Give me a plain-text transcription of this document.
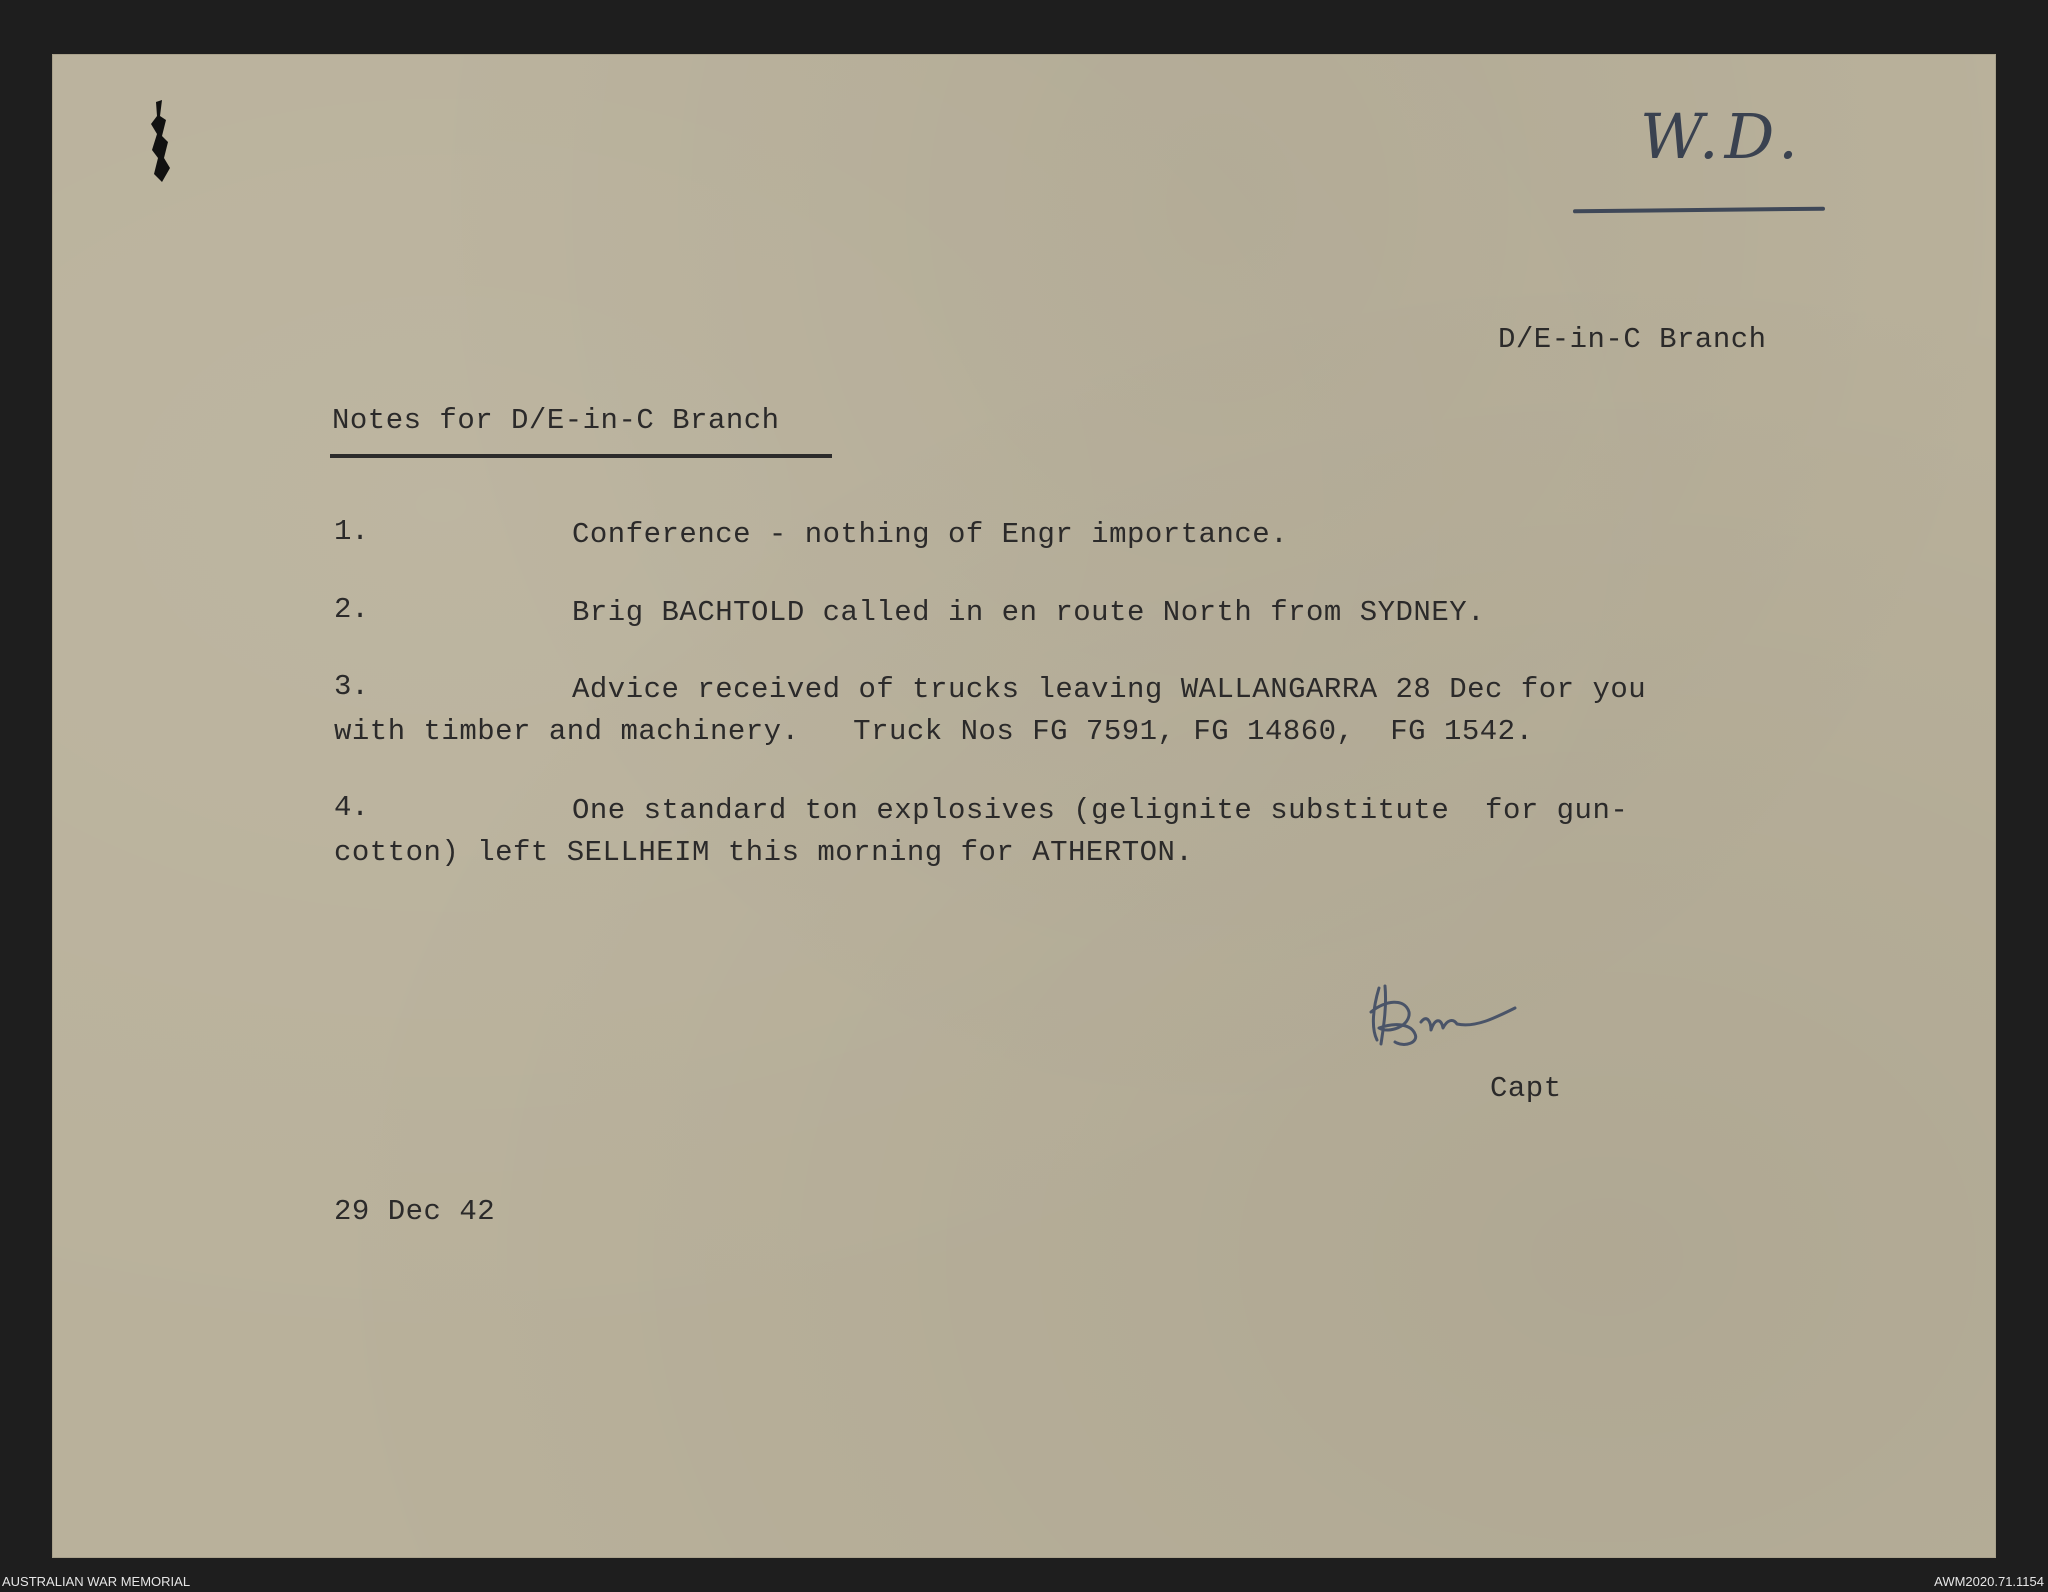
W.D.
D/E-in-C Branch
Notes for D/E-in-C Branch
1.	Conference - nothing of Engr importance.
2.	Brig BACHTOLD called in en route North from SYDNEY.
3.	Advice received of trucks leaving WALLANGARRA 28 Dec for you
with timber and machinery.   Truck Nos FG 7591, FG 14860,  FG 1542.
4.	One standard ton explosives (gelignite substitute  for gun-
cotton) left SELLHEIM this morning for ATHERTON.
Capt
29 Dec 42
AUSTRALIAN WAR MEMORIAL	AWM2020.71.1154
